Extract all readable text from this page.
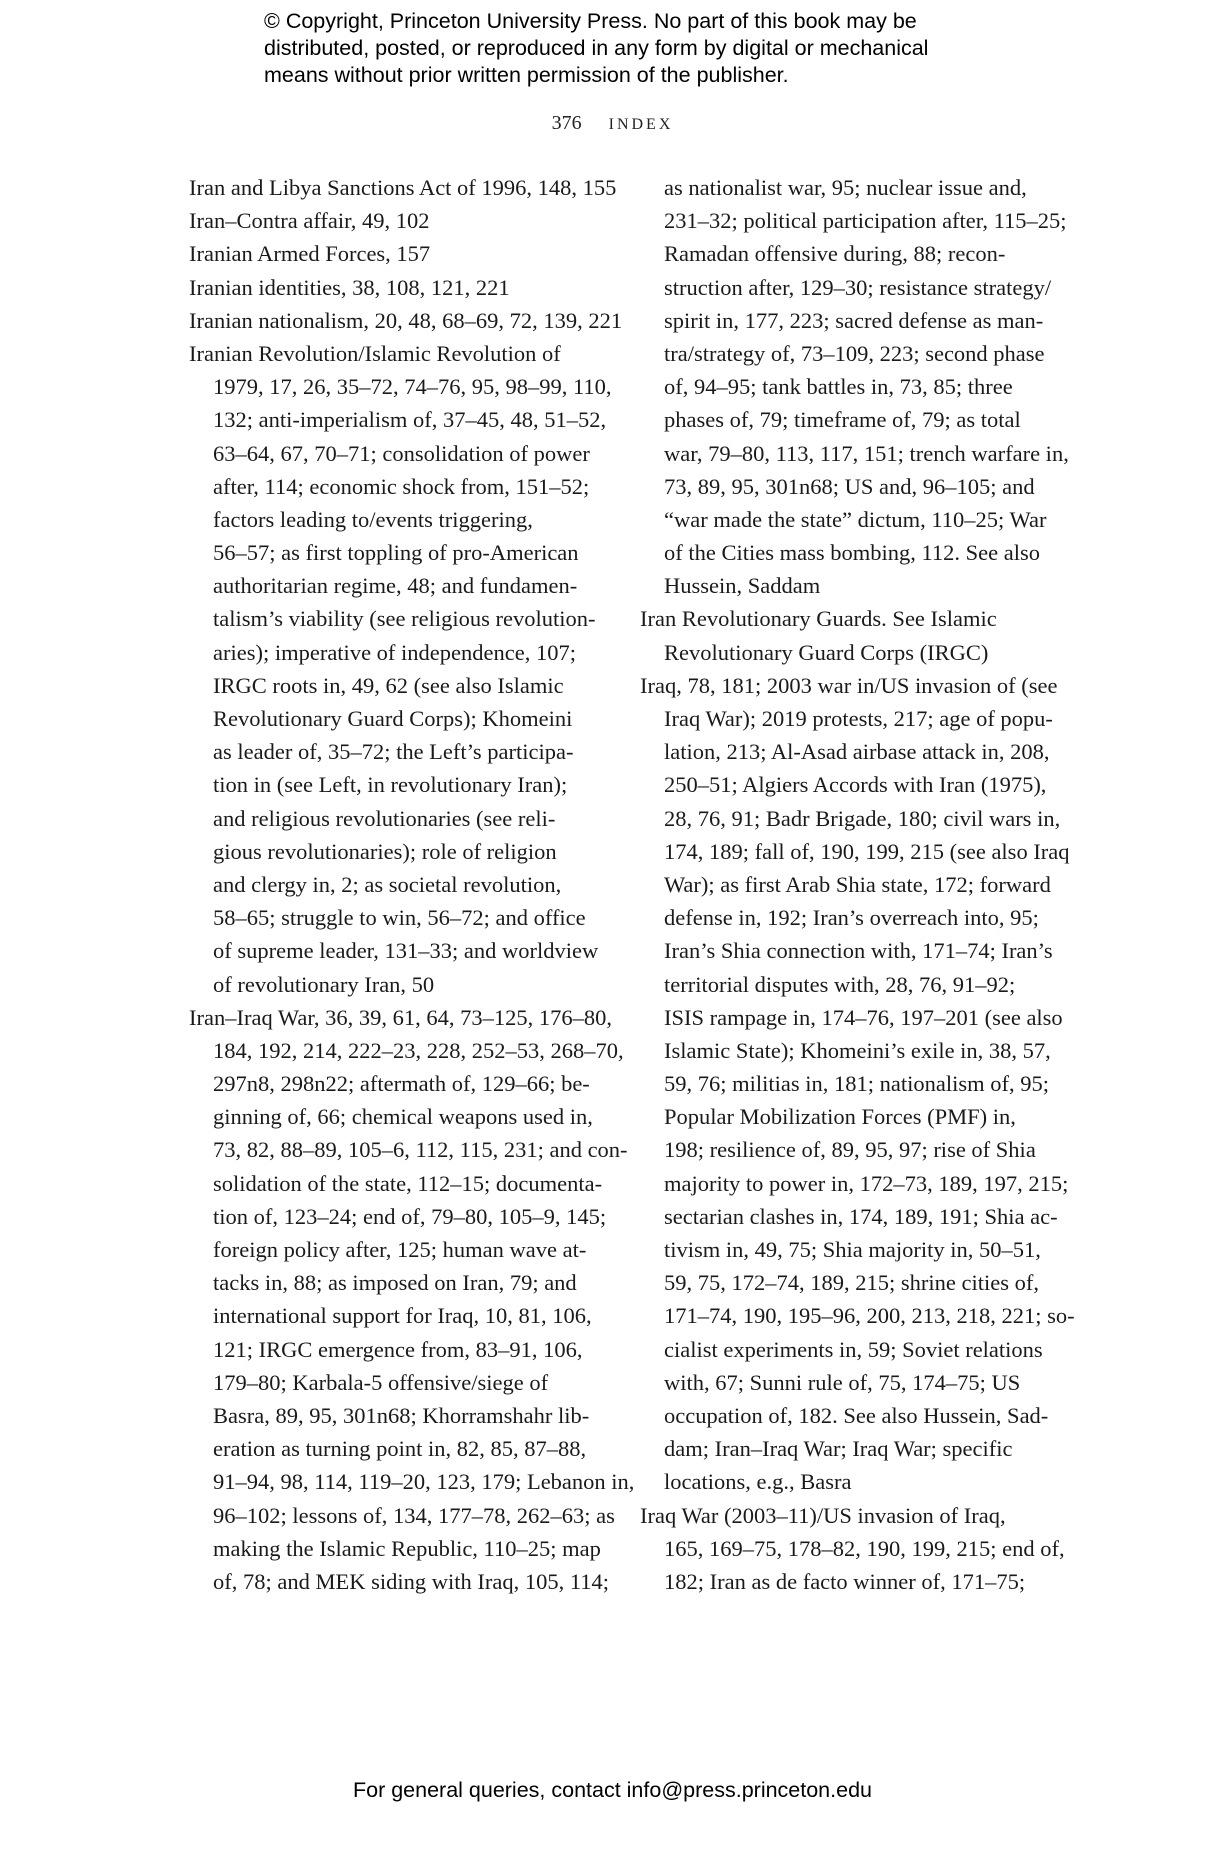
© Copyright, Princeton University Press. No part of this book may be
distributed, posted, or reproduced in any form by digital or mechanical
means without prior written permission of the publisher.
376 INDEX
Iran and Libya Sanctions Act of 1996, 148, 155
Iran–Contra affair, 49, 102
Iranian Armed Forces, 157
Iranian identities, 38, 108, 121, 221
Iranian nationalism, 20, 48, 68–69, 72, 139, 221
Iranian Revolution/Islamic Revolution of
1979, 17, 26, 35–72, 74–76, 95, 98–99, 110,
132; anti-imperialism of, 37–45, 48, 51–52,
63–64, 67, 70–71; consolidation of power
after, 114; economic shock from, 151–52;
factors leading to/events triggering,
56–57; as first toppling of pro-American
authoritarian regime, 48; and fundamen-
talism’s viability (see religious revolution-
aries); imperative of independence, 107;
IRGC roots in, 49, 62 (see also Islamic
Revolutionary Guard Corps); Khomeini
as leader of, 35–72; the Left’s participa-
tion in (see Left, in revolutionary Iran);
and religious revolutionaries (see reli-
gious revolutionaries); role of religion
and clergy in, 2; as societal revolution,
58–65; struggle to win, 56–72; and office
of supreme leader, 131–33; and worldview
of revolutionary Iran, 50
Iran–Iraq War, 36, 39, 61, 64, 73–125, 176–80,
184, 192, 214, 222–23, 228, 252–53, 268–70,
297n8, 298n22; aftermath of, 129–66; be-
ginning of, 66; chemical weapons used in,
73, 82, 88–89, 105–6, 112, 115, 231; and con-
solidation of the state, 112–15; documenta-
tion of, 123–24; end of, 79–80, 105–9, 145;
foreign policy after, 125; human wave at-
tacks in, 88; as imposed on Iran, 79; and
international support for Iraq, 10, 81, 106,
121; IRGC emergence from, 83–91, 106,
179–80; Karbala-5 offensive/siege of
Basra, 89, 95, 301n68; Khorramshahr lib-
eration as turning point in, 82, 85, 87–88,
91–94, 98, 114, 119–20, 123, 179; Lebanon in,
96–102; lessons of, 134, 177–78, 262–63; as
making the Islamic Republic, 110–25; map
of, 78; and MEK siding with Iraq, 105, 114;
as nationalist war, 95; nuclear issue and,
231–32; political participation after, 115–25;
Ramadan offensive during, 88; recon-
struction after, 129–30; resistance strategy/
spirit in, 177, 223; sacred defense as man-
tra/strategy of, 73–109, 223; second phase
of, 94–95; tank battles in, 73, 85; three
phases of, 79; timeframe of, 79; as total
war, 79–80, 113, 117, 151; trench warfare in,
73, 89, 95, 301n68; US and, 96–105; and
“war made the state” dictum, 110–25; War
of the Cities mass bombing, 112. See also
Hussein, Saddam
Iran Revolutionary Guards. See Islamic
Revolutionary Guard Corps (IRGC)
Iraq, 78, 181; 2003 war in/US invasion of (see
Iraq War); 2019 protests, 217; age of popu-
lation, 213; Al-Asad airbase attack in, 208,
250–51; Algiers Accords with Iran (1975),
28, 76, 91; Badr Brigade, 180; civil wars in,
174, 189; fall of, 190, 199, 215 (see also Iraq
War); as first Arab Shia state, 172; forward
defense in, 192; Iran’s overreach into, 95;
Iran’s Shia connection with, 171–74; Iran’s
territorial disputes with, 28, 76, 91–92;
ISIS rampage in, 174–76, 197–201 (see also
Islamic State); Khomeini’s exile in, 38, 57,
59, 76; militias in, 181; nationalism of, 95;
Popular Mobilization Forces (PMF) in,
198; resilience of, 89, 95, 97; rise of Shia
majority to power in, 172–73, 189, 197, 215;
sectarian clashes in, 174, 189, 191; Shia ac-
tivism in, 49, 75; Shia majority in, 50–51,
59, 75, 172–74, 189, 215; shrine cities of,
171–74, 190, 195–96, 200, 213, 218, 221; so-
cialist experiments in, 59; Soviet relations
with, 67; Sunni rule of, 75, 174–75; US
occupation of, 182. See also Hussein, Sad-
dam; Iran–Iraq War; Iraq War; specific
locations, e.g., Basra
Iraq War (2003–11)/US invasion of Iraq,
165, 169–75, 178–82, 190, 199, 215; end of,
182; Iran as de facto winner of, 171–75;
For general queries, contact info@press.princeton.edu
